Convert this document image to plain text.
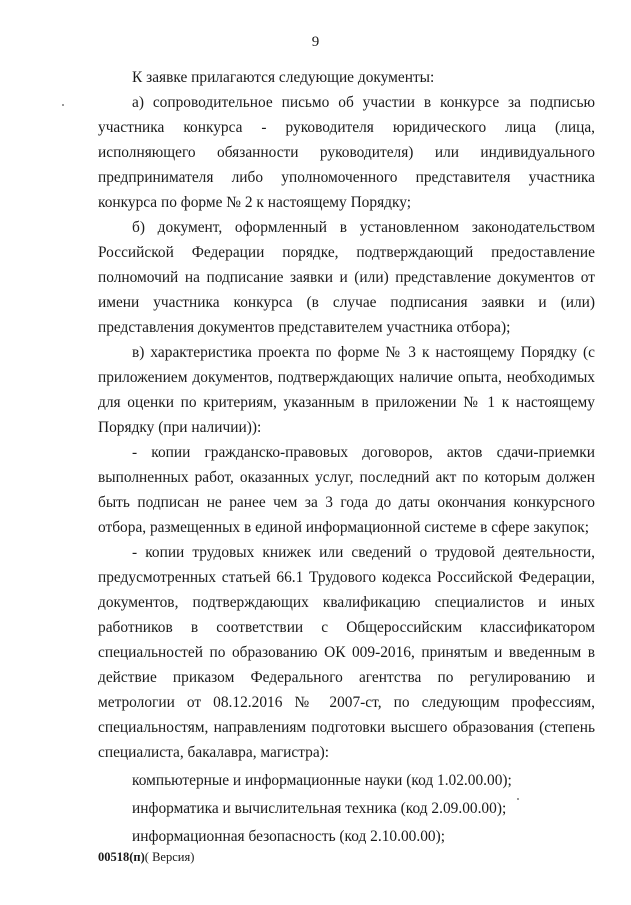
9

К заявке прилагаются следующие документы:

а) сопроводительное письмо об участии в конкурсе за подписью участника конкурса - руководителя юридического лица (лица, исполняющего обязанности руководителя) или индивидуального предпринимателя либо уполномоченного представителя участника конкурса по форме № 2 к настоящему Порядку;

б) документ, оформленный в установленном законодательством Российской Федерации порядке, подтверждающий предоставление полномочий на подписание заявки и (или) представление документов от имени участника конкурса (в случае подписания заявки и (или) представления документов представителем участника отбора);

в) характеристика проекта по форме № 3 к настоящему Порядку (с приложением документов, подтверждающих наличие опыта, необходимых для оценки по критериям, указанным в приложении № 1 к настоящему Порядку (при наличии)):

- копии гражданско-правовых договоров, актов сдачи-приемки выполненных работ, оказанных услуг, последний акт по которым должен быть подписан не ранее чем за 3 года до даты окончания конкурсного отбора, размещенных в единой информационной системе в сфере закупок;

- копии трудовых книжек или сведений о трудовой деятельности, предусмотренных статьей 66.1 Трудового кодекса Российской Федерации, документов, подтверждающих квалификацию специалистов и иных работников в соответствии с Общероссийским классификатором специальностей по образованию ОК 009-2016, принятым и введенным в действие приказом Федерального агентства по регулированию и метрологии от 08.12.2016 № 2007-ст, по следующим профессиям, специальностям, направлениям подготовки высшего образования (степень специалиста, бакалавра, магистра):

компьютерные и информационные науки (код 1.02.00.00);

информатика и вычислительная техника (код 2.09.00.00);

информационная безопасность (код 2.10.00.00);

00518(п)( Версия)
